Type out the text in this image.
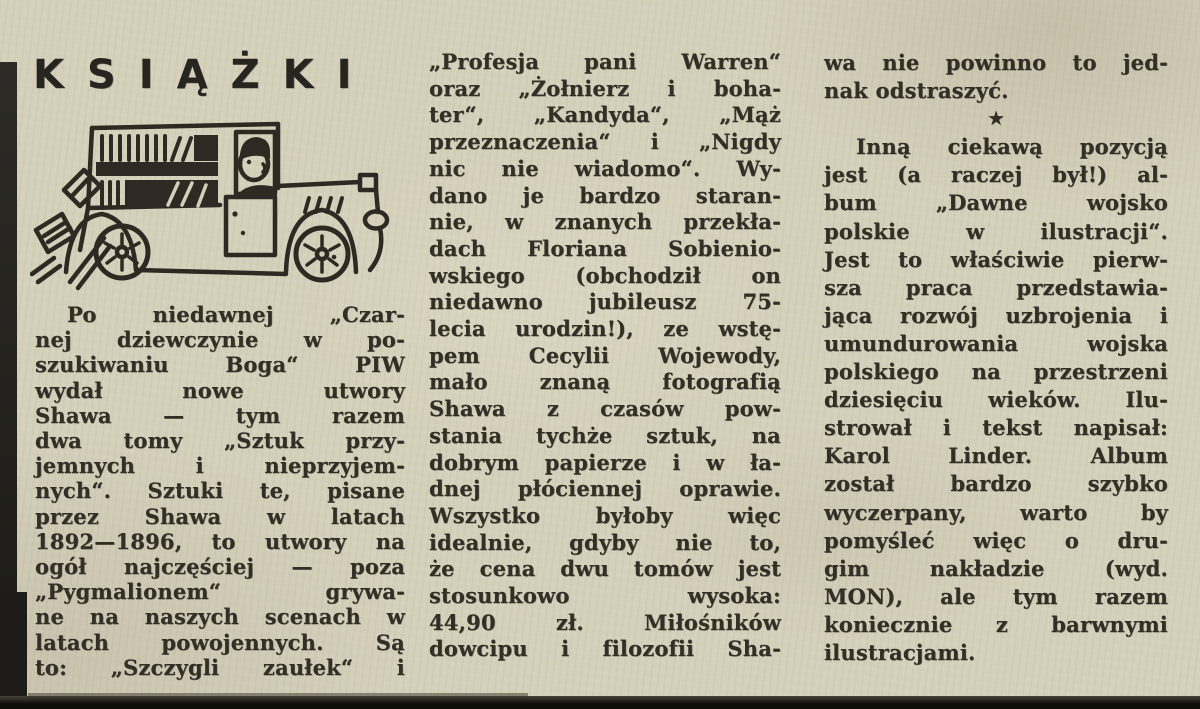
KSIĄŻKI
Po niedawnej „Czar-
nej dziewczynie w po-
szukiwaniu Boga“ PIW
wydał nowe utwory
Shawa — tym razem
dwa tomy „Sztuk przy-
jemnych i nieprzyjem-
nych“. Sztuki te, pisane
przez Shawa w latach
1892—1896, to utwory na
ogół najczęściej — poza
„Pygmalionem“ grywa-
ne na naszych scenach w
latach powojennych. Są
to: „Szczygli zaułek“ i
„Profesja pani Warren“
oraz „Żołnierz i boha-
ter“, „Kandyda“, „Mąż
przeznaczenia“ i „Nigdy
nic nie wiadomo“. Wy-
dano je bardzo staran-
nie, w znanych przekła-
dach Floriana Sobienio-
wskiego (obchodził on
niedawno jubileusz 75-
lecia urodzin!), ze wstę-
pem Cecylii Wojewody,
mało znaną fotografią
Shawa z czasów pow-
stania tychże sztuk, na
dobrym papierze i w ła-
dnej płóciennej oprawie.
Wszystko byłoby więc
idealnie, gdyby nie to,
że cena dwu tomów jest
stosunkowo wysoka:
44,90 zł. Miłośników
dowcipu i filozofii Sha-
wa nie powinno to jed-
nak odstraszyć.
★
Inną ciekawą pozycją
jest (a raczej był!) al-
bum „Dawne wojsko
polskie w ilustracji“.
Jest to właściwie pierw-
sza praca przedstawia-
jąca rozwój uzbrojenia i
umundurowania wojska
polskiego na przestrzeni
dziesięciu wieków. Ilu-
strował i tekst napisał:
Karol Linder. Album
został bardzo szybko
wyczerpany, warto by
pomyśleć więc o dru-
gim nakładzie (wyd.
MON), ale tym razem
koniecznie z barwnymi
ilustracjami.
